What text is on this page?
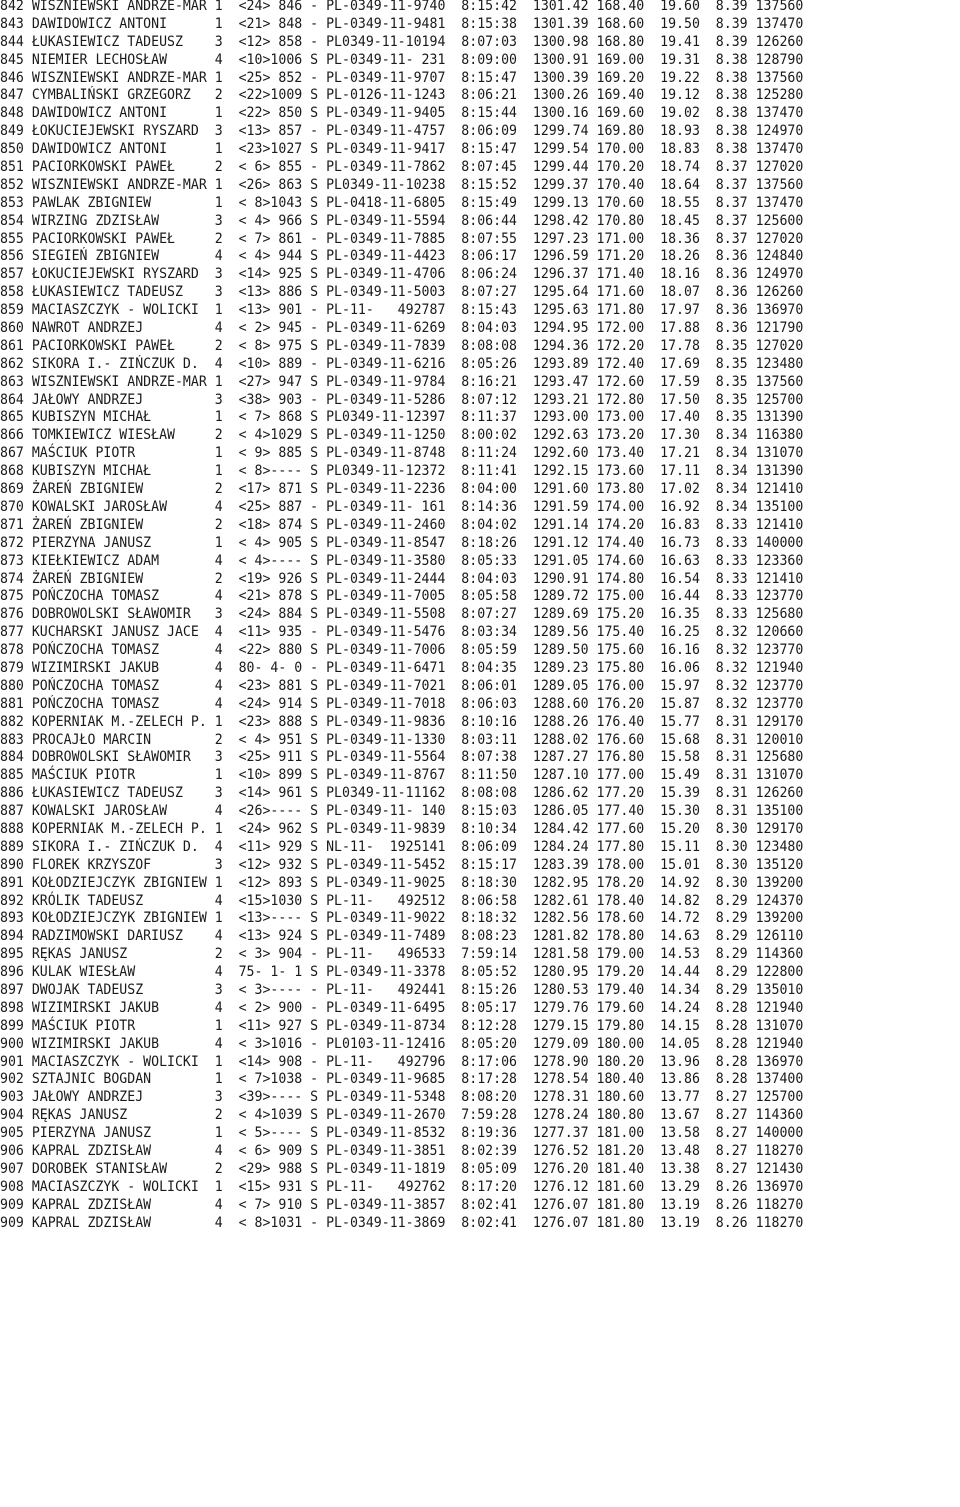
842 WISZNIEWSKI ANDRZE-MAR 1  <24> 846 - PL-0349-11-9740  8:15:42  1301.42 168.40  19.60  8.39 137560
843 DAWIDOWICZ ANTONI      1  <21> 848 - PL-0349-11-9481  8:15:38  1301.39 168.60  19.50  8.39 137470
844 ŁUKASIEWICZ TADEUSZ    3  <12> 858 - PL0349-11-10194  8:07:03  1300.98 168.80  19.41  8.39 126260
845 NIEMIER LECHOSŁAW      4  <10>1006 S PL-0349-11- 231  8:09:00  1300.91 169.00  19.31  8.38 128790
846 WISZNIEWSKI ANDRZE-MAR 1  <25> 852 - PL-0349-11-9707  8:15:47  1300.39 169.20  19.22  8.38 137560
847 CYMBALIŃSKI GRZEGORZ   2  <22>1009 S PL-0126-11-1243  8:06:21  1300.26 169.40  19.12  8.38 125280
848 DAWIDOWICZ ANTONI      1  <22> 850 S PL-0349-11-9405  8:15:44  1300.16 169.60  19.02  8.38 137470
849 ŁOKUCIEJEWSKI RYSZARD  3  <13> 857 - PL-0349-11-4757  8:06:09  1299.74 169.80  18.93  8.38 124970
850 DAWIDOWICZ ANTONI      1  <23>1027 S PL-0349-11-9417  8:15:47  1299.54 170.00  18.83  8.38 137470
851 PACIORKOWSKI PAWEŁ     2  < 6> 855 - PL-0349-11-7862  8:07:45  1299.44 170.20  18.74  8.37 127020
852 WISZNIEWSKI ANDRZE-MAR 1  <26> 863 S PL0349-11-10238  8:15:52  1299.37 170.40  18.64  8.37 137560
853 PAWLAK ZBIGNIEW        1  < 8>1043 S PL-0418-11-6805  8:15:49  1299.13 170.60  18.55  8.37 137470
854 WIRZING ZDZISŁAW       3  < 4> 966 S PL-0349-11-5594  8:06:44  1298.42 170.80  18.45  8.37 125600
855 PACIORKOWSKI PAWEŁ     2  < 7> 861 - PL-0349-11-7885  8:07:55  1297.23 171.00  18.36  8.37 127020
856 SIEGIEŃ ZBIGNIEW       4  < 4> 944 S PL-0349-11-4423  8:06:17  1296.59 171.20  18.26  8.36 124840
857 ŁOKUCIEJEWSKI RYSZARD  3  <14> 925 S PL-0349-11-4706  8:06:24  1296.37 171.40  18.16  8.36 124970
858 ŁUKASIEWICZ TADEUSZ    3  <13> 886 S PL-0349-11-5003  8:07:27  1295.64 171.60  18.07  8.36 126260
859 MACIASZCZYK - WOLICKI  1  <13> 901 - PL-11-   492787  8:15:43  1295.63 171.80  17.97  8.36 136970
860 NAWROT ANDRZEJ         4  < 2> 945 - PL-0349-11-6269  8:04:03  1294.95 172.00  17.88  8.36 121790
861 PACIORKOWSKI PAWEŁ     2  < 8> 975 S PL-0349-11-7839  8:08:08  1294.36 172.20  17.78  8.35 127020
862 SIKORA I.- ZIŃCZUK D.  4  <10> 889 - PL-0349-11-6216  8:05:26  1293.89 172.40  17.69  8.35 123480
863 WISZNIEWSKI ANDRZE-MAR 1  <27> 947 S PL-0349-11-9784  8:16:21  1293.47 172.60  17.59  8.35 137560
864 JAŁOWY ANDRZEJ         3  <38> 903 - PL-0349-11-5286  8:07:12  1293.21 172.80  17.50  8.35 125700
865 KUBISZYN MICHAŁ        1  < 7> 868 S PL0349-11-12397  8:11:37  1293.00 173.00  17.40  8.35 131390
866 TOMKIEWICZ WIESŁAW     2  < 4>1029 S PL-0349-11-1250  8:00:02  1292.63 173.20  17.30  8.34 116380
867 MAŚCIUK PIOTR          1  < 9> 885 S PL-0349-11-8748  8:11:24  1292.60 173.40  17.21  8.34 131070
868 KUBISZYN MICHAŁ        1  < 8>---- S PL0349-11-12372  8:11:41  1292.15 173.60  17.11  8.34 131390
869 ŻAREŃ ZBIGNIEW         2  <17> 871 S PL-0349-11-2236  8:04:00  1291.60 173.80  17.02  8.34 121410
870 KOWALSKI JAROSŁAW      4  <25> 887 - PL-0349-11- 161  8:14:36  1291.59 174.00  16.92  8.34 135100
871 ŻAREŃ ZBIGNIEW         2  <18> 874 S PL-0349-11-2460  8:04:02  1291.14 174.20  16.83  8.33 121410
872 PIERZYNA JANUSZ        1  < 4> 905 S PL-0349-11-8547  8:18:26  1291.12 174.40  16.73  8.33 140000
873 KIEŁKIEWICZ ADAM       4  < 4>---- S PL-0349-11-3580  8:05:33  1291.05 174.60  16.63  8.33 123360
874 ŻAREŃ ZBIGNIEW         2  <19> 926 S PL-0349-11-2444  8:04:03  1290.91 174.80  16.54  8.33 121410
875 POŃCZOCHA TOMASZ       4  <21> 878 S PL-0349-11-7005  8:05:58  1289.72 175.00  16.44  8.33 123770
876 DOBROWOLSKI SŁAWOMIR   3  <24> 884 S PL-0349-11-5508  8:07:27  1289.69 175.20  16.35  8.33 125680
877 KUCHARSKI JANUSZ JACE  4  <11> 935 - PL-0349-11-5476  8:03:34  1289.56 175.40  16.25  8.32 120660
878 POŃCZOCHA TOMASZ       4  <22> 880 S PL-0349-11-7006  8:05:59  1289.50 175.60  16.16  8.32 123770
879 WIZIMIRSKI JAKUB       4  80- 4- 0 - PL-0349-11-6471  8:04:35  1289.23 175.80  16.06  8.32 121940
880 POŃCZOCHA TOMASZ       4  <23> 881 S PL-0349-11-7021  8:06:01  1289.05 176.00  15.97  8.32 123770
881 POŃCZOCHA TOMASZ       4  <24> 914 S PL-0349-11-7018  8:06:03  1288.60 176.20  15.87  8.32 123770
882 KOPERNIAK M.-ZELECH P. 1  <23> 888 S PL-0349-11-9836  8:10:16  1288.26 176.40  15.77  8.31 129170
883 PROCAJŁO MARCIN        2  < 4> 951 S PL-0349-11-1330  8:03:11  1288.02 176.60  15.68  8.31 120010
884 DOBROWOLSKI SŁAWOMIR   3  <25> 911 S PL-0349-11-5564  8:07:38  1287.27 176.80  15.58  8.31 125680
885 MAŚCIUK PIOTR          1  <10> 899 S PL-0349-11-8767  8:11:50  1287.10 177.00  15.49  8.31 131070
886 ŁUKASIEWICZ TADEUSZ    3  <14> 961 S PL0349-11-11162  8:08:08  1286.62 177.20  15.39  8.31 126260
887 KOWALSKI JAROSŁAW      4  <26>---- S PL-0349-11- 140  8:15:03  1286.05 177.40  15.30  8.31 135100
888 KOPERNIAK M.-ZELECH P. 1  <24> 962 S PL-0349-11-9839  8:10:34  1284.42 177.60  15.20  8.30 129170
889 SIKORA I.- ZIŃCZUK D.  4  <11> 929 S NL-11-  1925141  8:06:09  1284.24 177.80  15.11  8.30 123480
890 FLOREK KRZYSZOF        3  <12> 932 S PL-0349-11-5452  8:15:17  1283.39 178.00  15.01  8.30 135120
891 KOŁODZIEJCZYK ZBIGNIEW 1  <12> 893 S PL-0349-11-9025  8:18:30  1282.95 178.20  14.92  8.30 139200
892 KRÓLIK TADEUSZ         4  <15>1030 S PL-11-   492512  8:06:58  1282.61 178.40  14.82  8.29 124370
893 KOŁODZIEJCZYK ZBIGNIEW 1  <13>---- S PL-0349-11-9022  8:18:32  1282.56 178.60  14.72  8.29 139200
894 RADZIMOWSKI DARIUSZ    4  <13> 924 S PL-0349-11-7489  8:08:23  1281.82 178.80  14.63  8.29 126110
895 RĘKAS JANUSZ           2  < 3> 904 - PL-11-   496533  7:59:14  1281.58 179.00  14.53  8.29 114360
896 KULAK WIESŁAW          4  75- 1- 1 S PL-0349-11-3378  8:05:52  1280.95 179.20  14.44  8.29 122800
897 DWOJAK TADEUSZ         3  < 3>---- - PL-11-   492441  8:15:26  1280.53 179.40  14.34  8.29 135010
898 WIZIMIRSKI JAKUB       4  < 2> 900 - PL-0349-11-6495  8:05:17  1279.76 179.60  14.24  8.28 121940
899 MAŚCIUK PIOTR          1  <11> 927 S PL-0349-11-8734  8:12:28  1279.15 179.80  14.15  8.28 131070
900 WIZIMIRSKI JAKUB       4  < 3>1016 - PL0103-11-12416  8:05:20  1279.09 180.00  14.05  8.28 121940
901 MACIASZCZYK - WOLICKI  1  <14> 908 - PL-11-   492796  8:17:06  1278.90 180.20  13.96  8.28 136970
902 SZTAJNIC BOGDAN        1  < 7>1038 - PL-0349-11-9685  8:17:28  1278.54 180.40  13.86  8.28 137400
903 JAŁOWY ANDRZEJ         3  <39>---- S PL-0349-11-5348  8:08:20  1278.31 180.60  13.77  8.27 125700
904 RĘKAS JANUSZ           2  < 4>1039 S PL-0349-11-2670  7:59:28  1278.24 180.80  13.67  8.27 114360
905 PIERZYNA JANUSZ        1  < 5>---- S PL-0349-11-8532  8:19:36  1277.37 181.00  13.58  8.27 140000
906 KAPRAL ZDZISŁAW        4  < 6> 909 S PL-0349-11-3851  8:02:39  1276.52 181.20  13.48  8.27 118270
907 DOROBEK STANISŁAW      2  <29> 988 S PL-0349-11-1819  8:05:09  1276.20 181.40  13.38  8.27 121430
908 MACIASZCZYK - WOLICKI  1  <15> 931 S PL-11-   492762  8:17:20  1276.12 181.60  13.29  8.26 136970
909 KAPRAL ZDZISŁAW        4  < 7> 910 S PL-0349-11-3857  8:02:41  1276.07 181.80  13.19  8.26 118270
909 KAPRAL ZDZISŁAW        4  < 8>1031 - PL-0349-11-3869  8:02:41  1276.07 181.80  13.19  8.26 118270
